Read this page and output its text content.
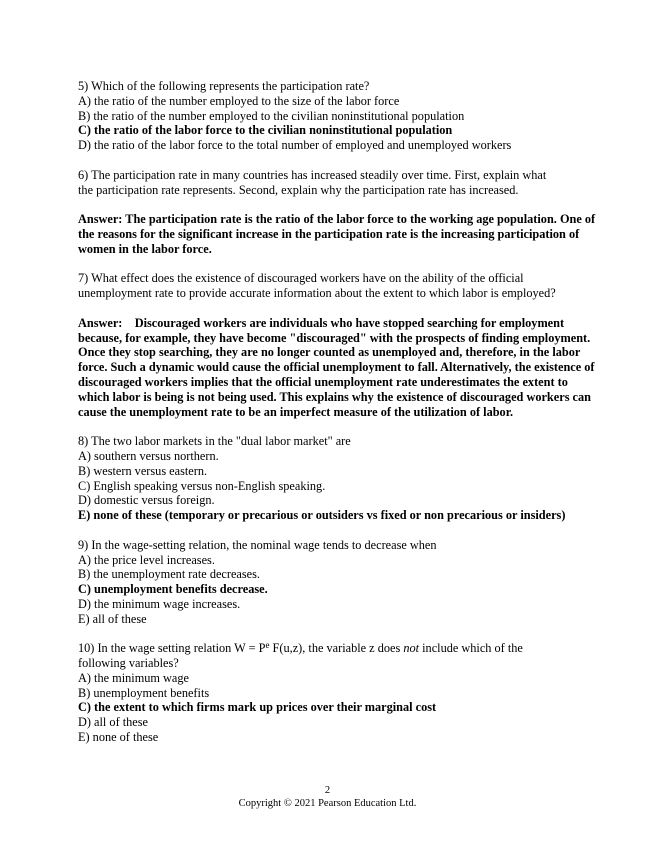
5) Which of the following represents the participation rate?
A) the ratio of the number employed to the size of the labor force
B) the ratio of the number employed to the civilian noninstitutional population
C) the ratio of the labor force to the civilian noninstitutional population
D) the ratio of the labor force to the total number of employed and unemployed workers
6) The participation rate in many countries has increased steadily over time. First, explain what
the participation rate represents. Second, explain why the participation rate has increased.
Answer: The participation rate is the ratio of the labor force to the working age population. One of the reasons for the significant increase in the participation rate is the increasing participation of women in the labor force.
7) What effect does the existence of discouraged workers have on the ability of the official
unemployment rate to provide accurate information about the extent to which labor is employed?
Answer:    Discouraged workers are individuals who have stopped searching for employment because, for example, they have become "discouraged" with the prospects of finding employment. Once they stop searching, they are no longer counted as unemployed and, therefore, in the labor force. Such a dynamic would cause the official unemployment to fall. Alternatively, the existence of discouraged workers implies that the official unemployment rate underestimates the extent to which labor is being is not being used. This explains why the existence of discouraged workers can cause the unemployment rate to be an imperfect measure of the utilization of labor.
8) The two labor markets in the "dual labor market" are
A) southern versus northern.
B) western versus eastern.
C) English speaking versus non-English speaking.
D) domestic versus foreign.
E) none of these (temporary or precarious or outsiders vs fixed or non precarious or insiders)
9) In the wage-setting relation, the nominal wage tends to decrease when
A) the price level increases.
B) the unemployment rate decreases.
C) unemployment benefits decrease.
D) the minimum wage increases.
E) all of these
10) In the wage setting relation $W = P^e$ F(u,z), the variable z does not include which of the
following variables?
A) the minimum wage
B) unemployment benefits
C) the extent to which firms mark up prices over their marginal cost
D) all of these
E) none of these
2
Copyright © 2021 Pearson Education Ltd.
